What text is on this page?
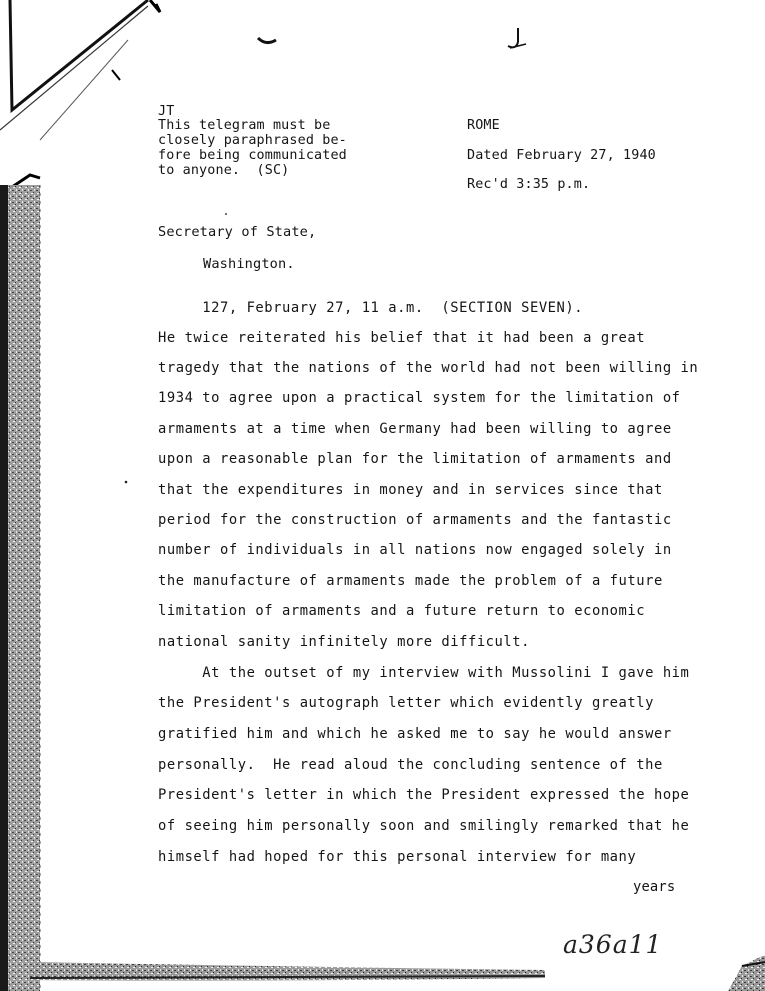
JT
This telegram must be
closely paraphrased be-
fore being communicated
to anyone.  (SC)
ROME
Dated February 27, 1940
Rec'd 3:35 p.m.
Secretary of State,
Washington.
127, February 27, 11 a.m.  (SECTION SEVEN).
He twice reiterated his belief that it had been a great
tragedy that the nations of the world had not been willing in
1934 to agree upon a practical system for the limitation of
armaments at a time when Germany had been willing to agree
upon a reasonable plan for the limitation of armaments and
that the expenditures in money and in services since that
period for the construction of armaments and the fantastic
number of individuals in all nations now engaged solely in
the manufacture of armaments made the problem of a future
limitation of armaments and a future return to economic
national sanity infinitely more difficult.
At the outset of my interview with Mussolini I gave him
the President's autograph letter which evidently greatly
gratified him and which he asked me to say he would answer
personally.  He read aloud the concluding sentence of the
President's letter in which the President expressed the hope
of seeing him personally soon and smilingly remarked that he
himself had hoped for this personal interview for many
years
a36a11
